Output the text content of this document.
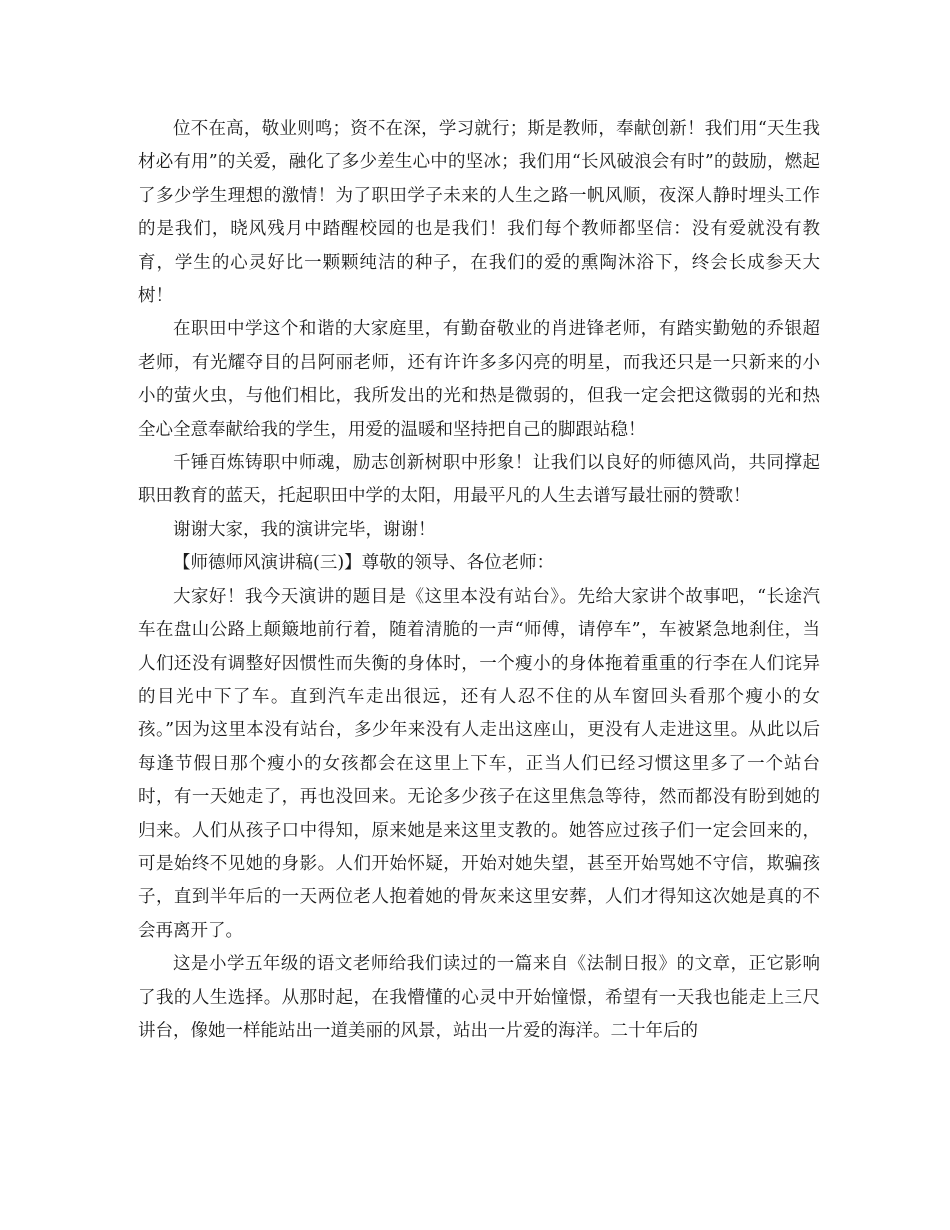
位不在高，敬业则鸣；资不在深，学习就行；斯是教师，奉献创新！我们用“天生我材必有用”的关爱，融化了多少差生心中的坚冰；我们用“长风破浪会有时”的鼓励，燃起了多少学生理想的激情！为了职田学子未来的人生之路一帆风顺，夜深人静时埋头工作的是我们，晓风残月中踏醒校园的也是我们！我们每个教师都坚信：没有爱就没有教育，学生的心灵好比一颗颗纯洁的种子，在我们的爱的熏陶沐浴下，终会长成参天大树！

在职田中学这个和谐的大家庭里，有勤奋敬业的肖进锋老师，有踏实勤勉的乔银超老师，有光耀夺目的吕阿丽老师，还有许许多多闪亮的明星，而我还只是一只新来的小小的萤火虫，与他们相比，我所发出的光和热是微弱的，但我一定会把这微弱的光和热全心全意奉献给我的学生，用爱的温暖和坚持把自己的脚跟站稳！

千锤百炼铸职中师魂，励志创新树职中形象！让我们以良好的师德风尚，共同撑起职田教育的蓝天，托起职田中学的太阳，用最平凡的人生去谱写最壮丽的赞歌！

谢谢大家，我的演讲完毕，谢谢！

【师德师风演讲稿(三)】尊敬的领导、各位老师：

大家好！我今天演讲的题目是《这里本没有站台》。先给大家讲个故事吧，“长途汽车在盘山公路上颠簸地前行着，随着清脆的一声“师傅，请停车”，车被紧急地刹住，当人们还没有调整好因惯性而失衡的身体时，一个瘦小的身体拖着重重的行李在人们诧异的目光中下了车。直到汽车走出很远，还有人忍不住的从车窗回头看那个瘦小的女孩。”因为这里本没有站台，多少年来没有人走出这座山，更没有人走进这里。从此以后每逢节假日那个瘦小的女孩都会在这里上下车，正当人们已经习惯这里多了一个站台时，有一天她走了，再也没回来。无论多少孩子在这里焦急等待，然而都没有盼到她的归来。人们从孩子口中得知，原来她是来这里支教的。她答应过孩子们一定会回来的，可是始终不见她的身影。人们开始怀疑，开始对她失望，甚至开始骂她不守信，欺骗孩子，直到半年后的一天两位老人抱着她的骨灰来这里安葬，人们才得知这次她是真的不会再离开了。

这是小学五年级的语文老师给我们读过的一篇来自《法制日报》的文章，正它影响了我的人生选择。从那时起，在我懵懂的心灵中开始憧憬，希望有一天我也能走上三尺讲台，像她一样能站出一道美丽的风景，站出一片爱的海洋。二十年后的
